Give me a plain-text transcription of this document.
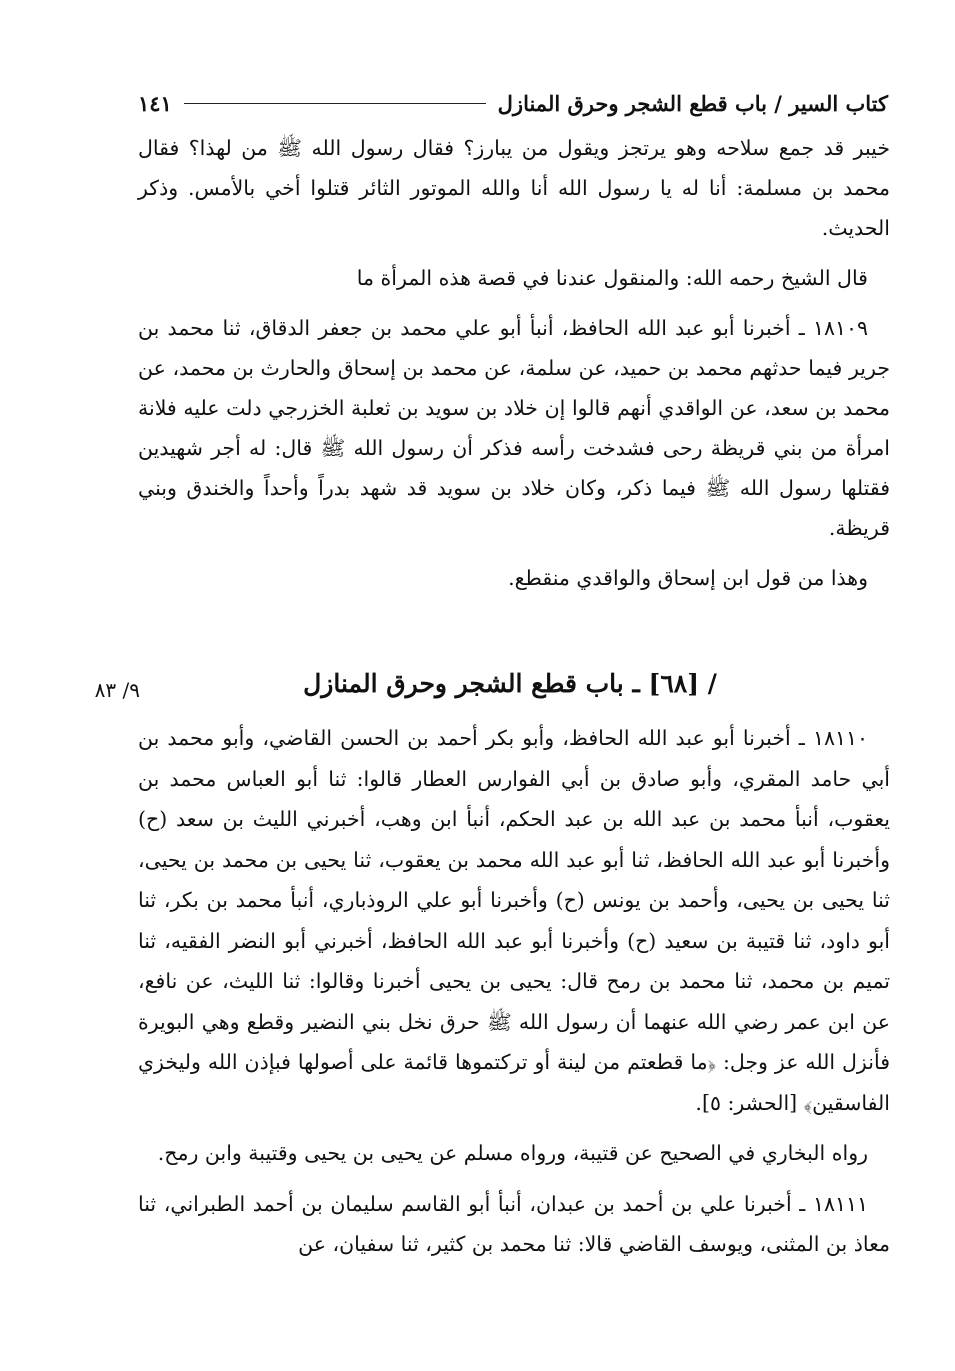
كتاب السير / باب قطع الشجر وحرق المنازل
١٤١

خيبر قد جمع سلاحه وهو يرتجز ويقول من يبارز؟ فقال رسول الله ﷺ من لهذا؟ فقال محمد بن مسلمة: أنا له يا رسول الله أنا والله الموتور الثائر قتلوا أخي بالأمس. وذكر الحديث.

قال الشيخ رحمه الله: والمنقول عندنا في قصة هذه المرأة ما

١٨١٠٩ ـ أخبرنا أبو عبد الله الحافظ، أنبأ أبو علي محمد بن جعفر الدقاق، ثنا محمد بن جرير فيما حدثهم محمد بن حميد، عن سلمة، عن محمد بن إسحاق والحارث بن محمد، عن محمد بن سعد، عن الواقدي أنهم قالوا إن خلاد بن سويد بن ثعلبة الخزرجي دلت عليه فلانة امرأة من بني قريظة رحى فشدخت رأسه فذكر أن رسول الله ﷺ قال: له أجر شهيدين فقتلها رسول الله ﷺ فيما ذكر، وكان خلاد بن سويد قد شهد بدراً وأحداً والخندق وبني قريظة.

وهذا من قول ابن إسحاق والواقدي منقطع.

٩/ ٨٣	/ [٦٨] ـ باب قطع الشجر وحرق المنازل

١٨١١٠ ـ أخبرنا أبو عبد الله الحافظ، وأبو بكر أحمد بن الحسن القاضي، وأبو محمد بن أبي حامد المقري، وأبو صادق بن أبي الفوارس العطار قالوا: ثنا أبو العباس محمد بن يعقوب، أنبأ محمد بن عبد الله بن عبد الحكم، أنبأ ابن وهب، أخبرني الليث بن سعد (ح) وأخبرنا أبو عبد الله الحافظ، ثنا أبو عبد الله محمد بن يعقوب، ثنا يحيى بن محمد بن يحيى، ثنا يحيى بن يحيى، وأحمد بن يونس (ح) وأخبرنا أبو علي الروذباري، أنبأ محمد بن بكر، ثنا أبو داود، ثنا قتيبة بن سعيد (ح) وأخبرنا أبو عبد الله الحافظ، أخبرني أبو النضر الفقيه، ثنا تميم بن محمد، ثنا محمد بن رمح قال: يحيى بن يحيى أخبرنا وقالوا: ثنا الليث، عن نافع، عن ابن عمر رضي الله عنهما أن رسول الله ﷺ حرق نخل بني النضير وقطع وهي البويرة فأنزل الله عز وجل: ﴿ما قطعتم من لينة أو تركتموها قائمة على أصولها فبإذن الله وليخزي الفاسقين﴾ [الحشر: ٥].

رواه البخاري في الصحيح عن قتيبة، ورواه مسلم عن يحيى بن يحيى وقتيبة وابن رمح.

١٨١١١ ـ أخبرنا علي بن أحمد بن عبدان، أنبأ أبو القاسم سليمان بن أحمد الطبراني، ثنا معاذ بن المثنى، ويوسف القاضي قالا: ثنا محمد بن كثير، ثنا سفيان، عن
